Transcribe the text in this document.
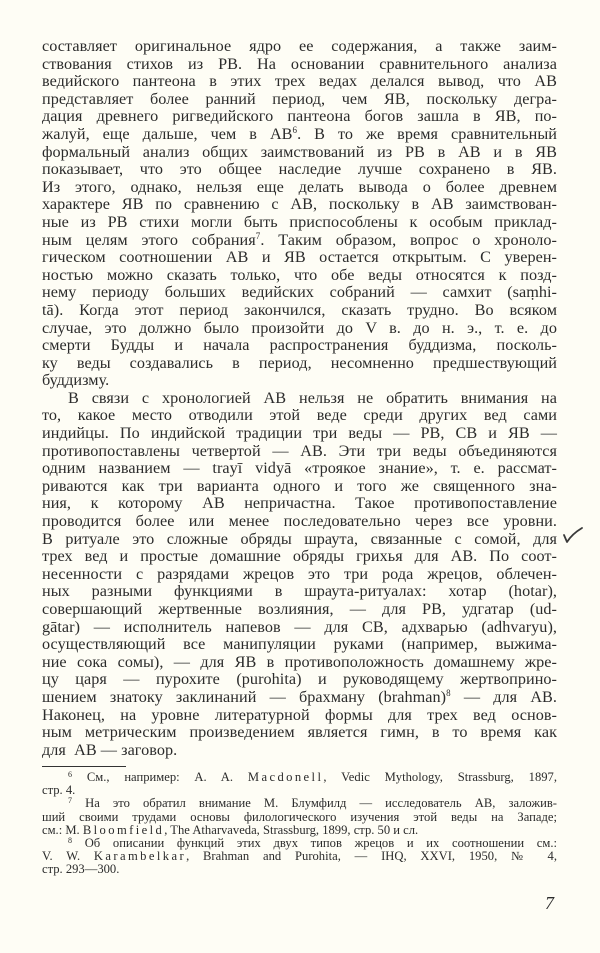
составляет оригинальное ядро ее содержания, а также заим-
ствования стихов из РВ. На основании сравнительного анализа
ведийского пантеона в этих трех ведах делался вывод, что АВ
представляет более ранний период, чем ЯВ, поскольку дегра-
дация древнего ригведийского пантеона богов зашла в ЯВ, по-
жалуй, еще дальше, чем в $АВ^6$. В то же время сравнительный
формальный анализ общих заимствований из РВ в АВ и в ЯВ
показывает, что это общее наследие лучше сохранено в ЯВ.
Из этого, однако, нельзя еще делать вывода о более древнем
характере ЯВ по сравнению с АВ, поскольку в АВ заимствован-
ные из РВ стихи могли быть приспособлены к особым приклад-
ным целям этого собрания$^7$. Таким образом, вопрос о хроноло-
гическом соотношении АВ и ЯВ остается открытым. С уверен-
ностью можно сказать только, что обе веды относятся к позд-
нему периоду больших ведийских собраний — самхит (saṃhi-
tā). Когда этот период закончился, сказать трудно. Во всяком
случае, это должно было произойти до V в. до н. э., т. е. до
смерти Будды и начала распространения буддизма, посколь-
ку веды создавались в период, несомненно предшествующий
буддизму.
В связи с хронологией АВ нельзя не обратить внимания на
то, какое место отводили этой веде среди других вед сами
индийцы. По индийской традиции три веды — РВ, СВ и ЯВ —
противопоставлены четвертой — АВ. Эти три веды объединяются
одним названием — trayī vidyā «троякое знание», т. е. рассмат-
риваются как три варианта одного и того же священного зна-
ния, к которому АВ непричастна. Такое противопоставление
проводится более или менее последовательно через все уровни.
В ритуале это сложные обряды шраута, связанные с сомой, для
трех вед и простые домашние обряды грихья для АВ. По соот-
несенности с разрядами жрецов это три рода жрецов, облечен-
ных разными функциями в шраута-ритуалах: хотар (hotar),
совершающий жертвенные возлияния, — для РВ, удгатар (ud-
gātar) — исполнитель напевов — для СВ, адхварью (adhvaryu),
осуществляющий все манипуляции руками (например, выжима-
ние сока сомы), — для ЯВ в противоположность домашнему жре-
цу царя — пурохите (purohita) и руководящему жертвоприно-
шением знатоку заклинаний — брахману (brahman)$^8$ — для АВ.
Наконец, на уровне литературной формы для трех вед основ-
ным метрическим произведением является гимн, в то время как
для  АВ — заговор.
$^6$ См., например: A. A. Macdonell, Vedic Mythology, Strassburg, 1897,
стр. 4.
$^7$ На это обратил внимание М. Блумфилд — исследователь АВ, заложив-
ший своими трудами основы филологического изучения этой веды на Западе;
см.: M. Bloomfield, The Atharvaveda, Strassburg, 1899, стр. 50 и сл.
$^8$ Об описании функций этих двух типов жрецов и их соотношении см.:
V. W. Karambelkar, Brahman and Purohita, — IHQ, XXVI, 1950, № 4,
стр. 293—300.
7
